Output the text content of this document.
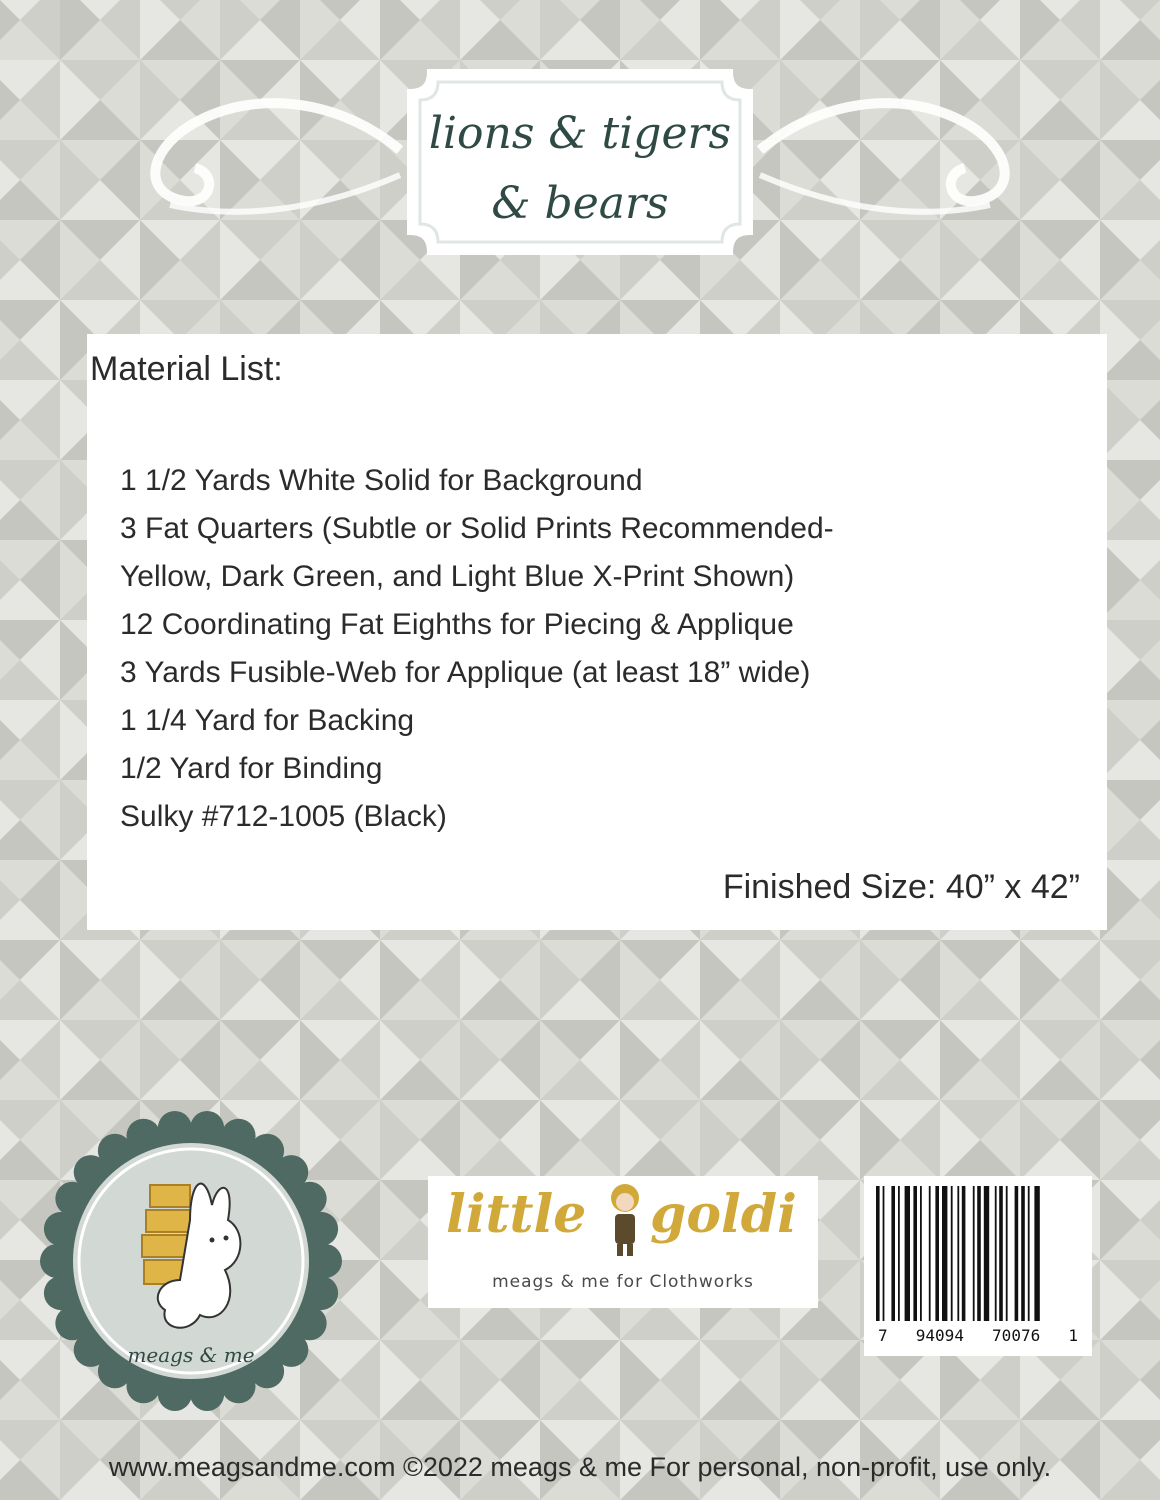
lions & tigers
& bears
Material List:
1 1/2 Yards White Solid for Background
3 Fat Quarters (Subtle or Solid Prints Recommended-
Yellow, Dark Green, and Light Blue X-Print Shown)
12 Coordinating Fat Eighths for Piecing & Applique
3 Yards Fusible-Web for Applique (at least 18” wide)
1 1/4 Yard for Backing
1/2 Yard for Binding
Sulky #712-1005 (Black)
Finished Size: 40” x 42”
meags & me
little goldi
meags & me for Clothworks
7 94094 70076 1
www.meagsandme.com ©2022 meags & me For personal, non-profit, use only.
